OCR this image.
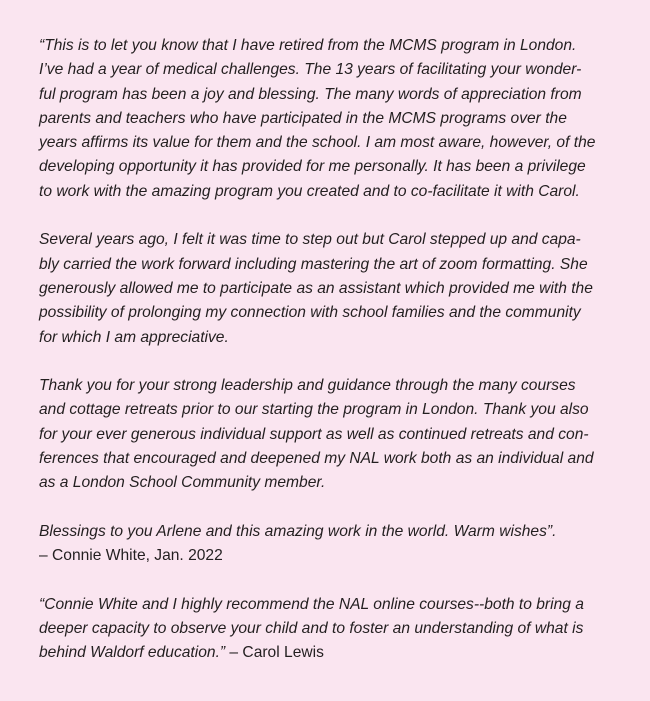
“This is to let you know that I have retired from the MCMS program in London.
I’ve had a year of medical challenges. The 13 years of facilitating your wonder-
ful program has been a joy and blessing. The many words of appreciation from
parents and teachers who have participated in the MCMS programs over the
years affirms its value for them and the school. I am most aware, however, of the
developing opportunity it has provided for me personally. It has been a privilege
to work with the amazing program you created and to co-facilitate it with Carol.
Several years ago, I felt it was time to step out but Carol stepped up and capa-
bly carried the work forward including mastering the art of zoom formatting. She
generously allowed me to participate as an assistant which provided me with the
possibility of prolonging my connection with school families and the community
for which I am appreciative.
Thank you for your strong leadership and guidance through the many courses
and cottage retreats prior to our starting the program in London. Thank you also
for your ever generous individual support as well as continued retreats and con-
ferences that encouraged and deepened my NAL work both as an individual and
as a London School Community member.
Blessings to you Arlene and this amazing work in the world. Warm wishes”.
– Connie White, Jan. 2022
“Connie White and I highly recommend the NAL online courses--both to bring a
deeper capacity to observe your child and to foster an understanding of what is
behind Waldorf education.” – Carol Lewis
